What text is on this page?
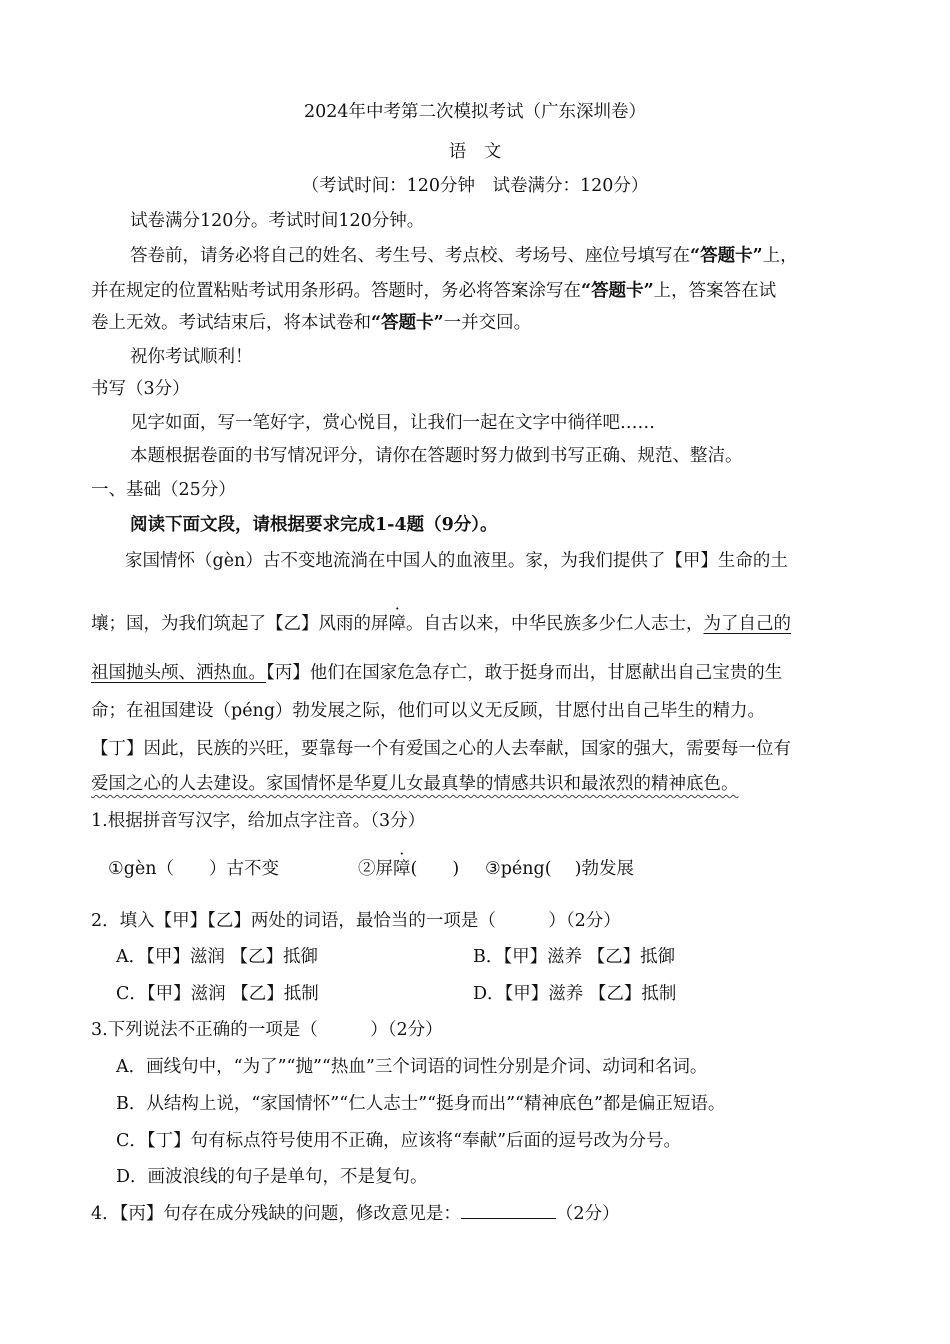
2024年中考第二次模拟考试（广东深圳卷）
语　文
（考试时间：120分钟　试卷满分：120分）
试卷满分120分。考试时间120分钟。
答卷前，请务必将自己的姓名、考生号、考点校、考场号、座位号填写在“答题卡”上，
并在规定的位置粘贴考试用条形码。答题时，务必将答案涂写在“答题卡”上，答案答在试
卷上无效。考试结束后，将本试卷和“答题卡”一并交回。
祝你考试顺利！
书写（3分）
见字如面，写一笔好字，赏心悦目，让我们一起在文字中徜徉吧……
本题根据卷面的书写情况评分，请你在答题时努力做到书写正确、规范、整洁。
一、基础（25分）
阅读下面文段，请根据要求完成1-4题（9分）。
家国情怀（gèn）古不变地流淌在中国人的血液里。家，为我们提供了【甲】生命的土
壤；国，为我们筑起了【乙】风雨的屏障。自古以来，中华民族多少仁人志士，为了自己的
祖国抛头颅、洒热血。【丙】他们在国家危急存亡，敢于挺身而出，甘愿献出自己宝贵的生
命；在祖国建设（péng）勃发展之际，他们可以义无反顾，甘愿付出自己毕生的精力。
【丁】因此，民族的兴旺，要靠每一个有爱国之心的人去奉献，国家的强大，需要每一位有
爱国之心的人去建设。家国情怀是华夏儿女最真挚的情感共识和最浓烈的精神底色。
1.根据拼音写汉字，给加点字注音。（3分）
①gèn（　　）古不变	②屏障(　　) ③péng(　 )勃发展
2．填入【甲】【乙】两处的词语，最恰当的一项是（　　　）（2分）
A．【甲】滋润 【乙】抵御	B．【甲】滋养 【乙】抵御
C．【甲】滋润 【乙】抵制	D．【甲】滋养 【乙】抵制
3.下列说法不正确的一项是（　　　）（2分）
A．画线句中，“为了”“抛”“热血”三个词语的词性分别是介词、动词和名词。
B．从结构上说，“家国情怀”“仁人志士”“挺身而出”“精神底色”都是偏正短语。
C．【丁】句有标点符号使用不正确，应该将“奉献”后面的逗号改为分号。
D．画波浪线的句子是单句，不是复句。
4．【丙】句存在成分残缺的问题，修改意见是：	（2分）
